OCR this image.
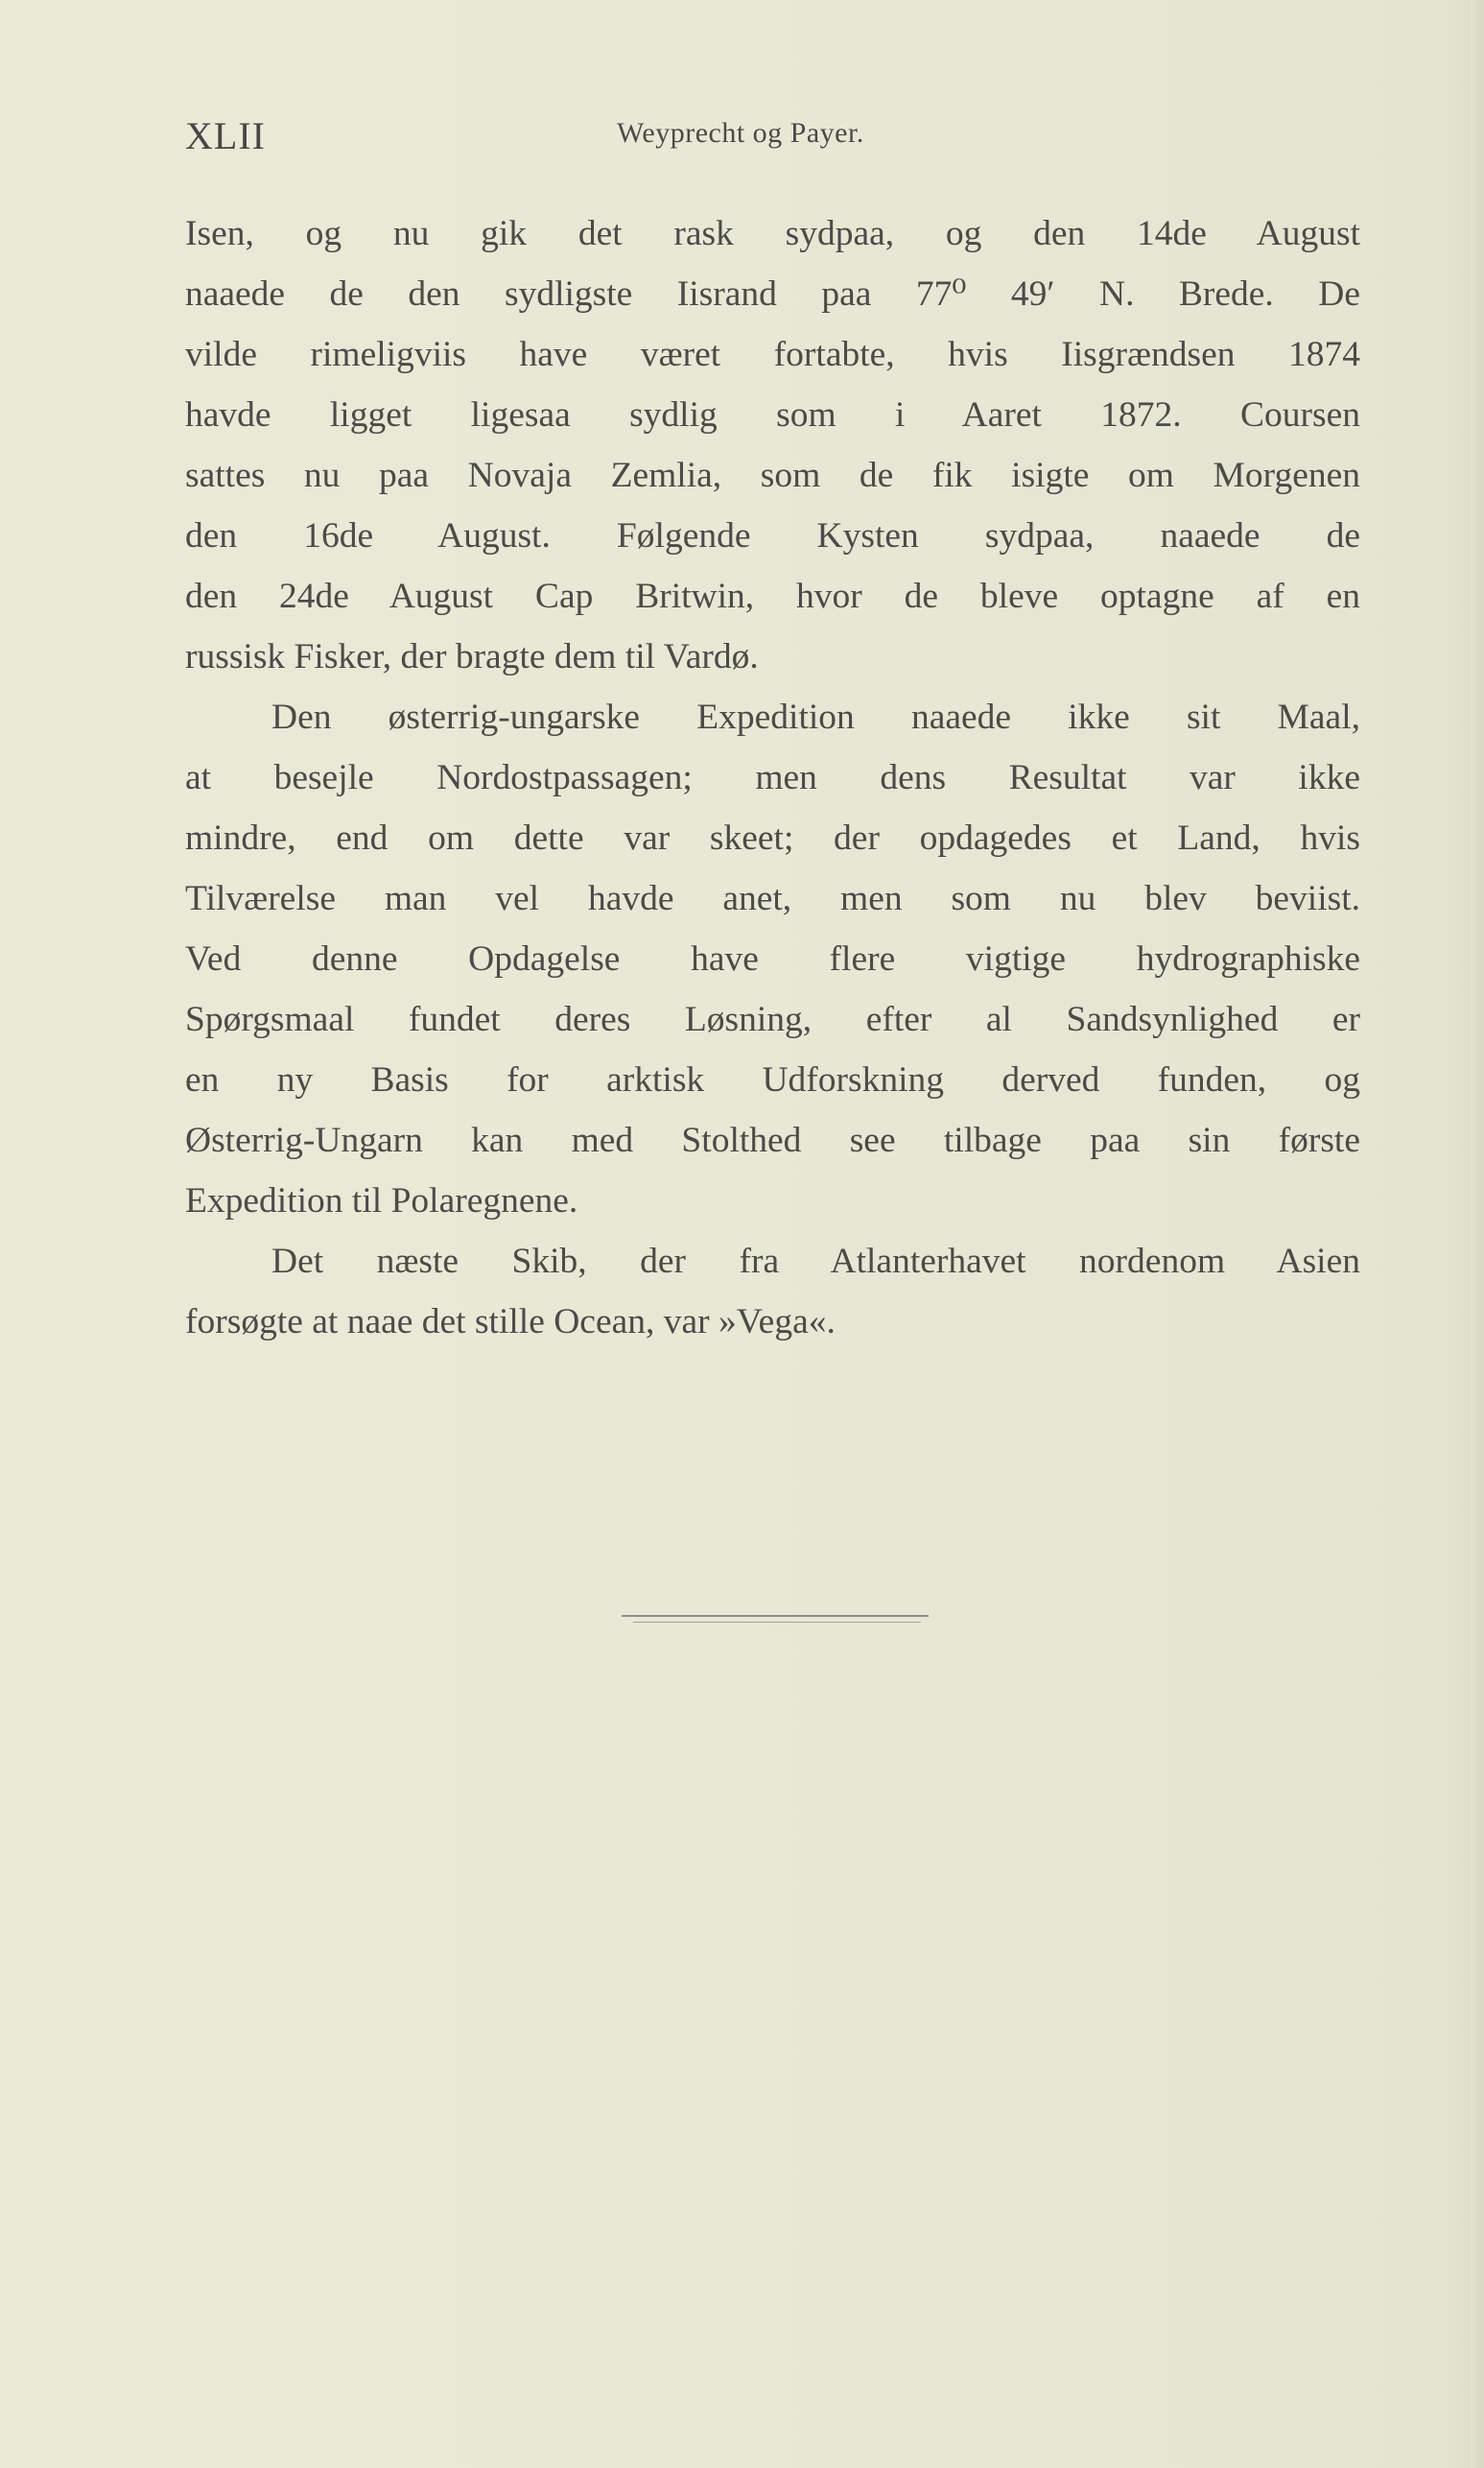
XLII	Weyprecht og Payer.
Isen, og nu gik det rask sydpaa, og den 14de August
naaede de den sydligste Iisrand paa 77⁰ 49′ N. Brede. De
vilde rimeligviis have været fortabte, hvis Iisgrændsen 1874
havde ligget ligesaa sydlig som i Aaret 1872. Coursen
sattes nu paa Novaja Zemlia, som de fik isigte om Morgenen
den 16de August. Følgende Kysten sydpaa, naaede de
den 24de August Cap Britwin, hvor de bleve optagne af en
russisk Fisker, der bragte dem til Vardø.
Den østerrig-ungarske Expedition naaede ikke sit Maal,
at besejle Nordostpassagen; men dens Resultat var ikke
mindre, end om dette var skeet; der opdagedes et Land, hvis
Tilværelse man vel havde anet, men som nu blev beviist.
Ved denne Opdagelse have flere vigtige hydrographiske
Spørgsmaal fundet deres Løsning, efter al Sandsynlighed er
en ny Basis for arktisk Udforskning derved funden, og
Østerrig-Ungarn kan med Stolthed see tilbage paa sin første
Expedition til Polaregnene.
Det næste Skib, der fra Atlanterhavet nordenom Asien
forsøgte at naae det stille Ocean, var »Vega«.
